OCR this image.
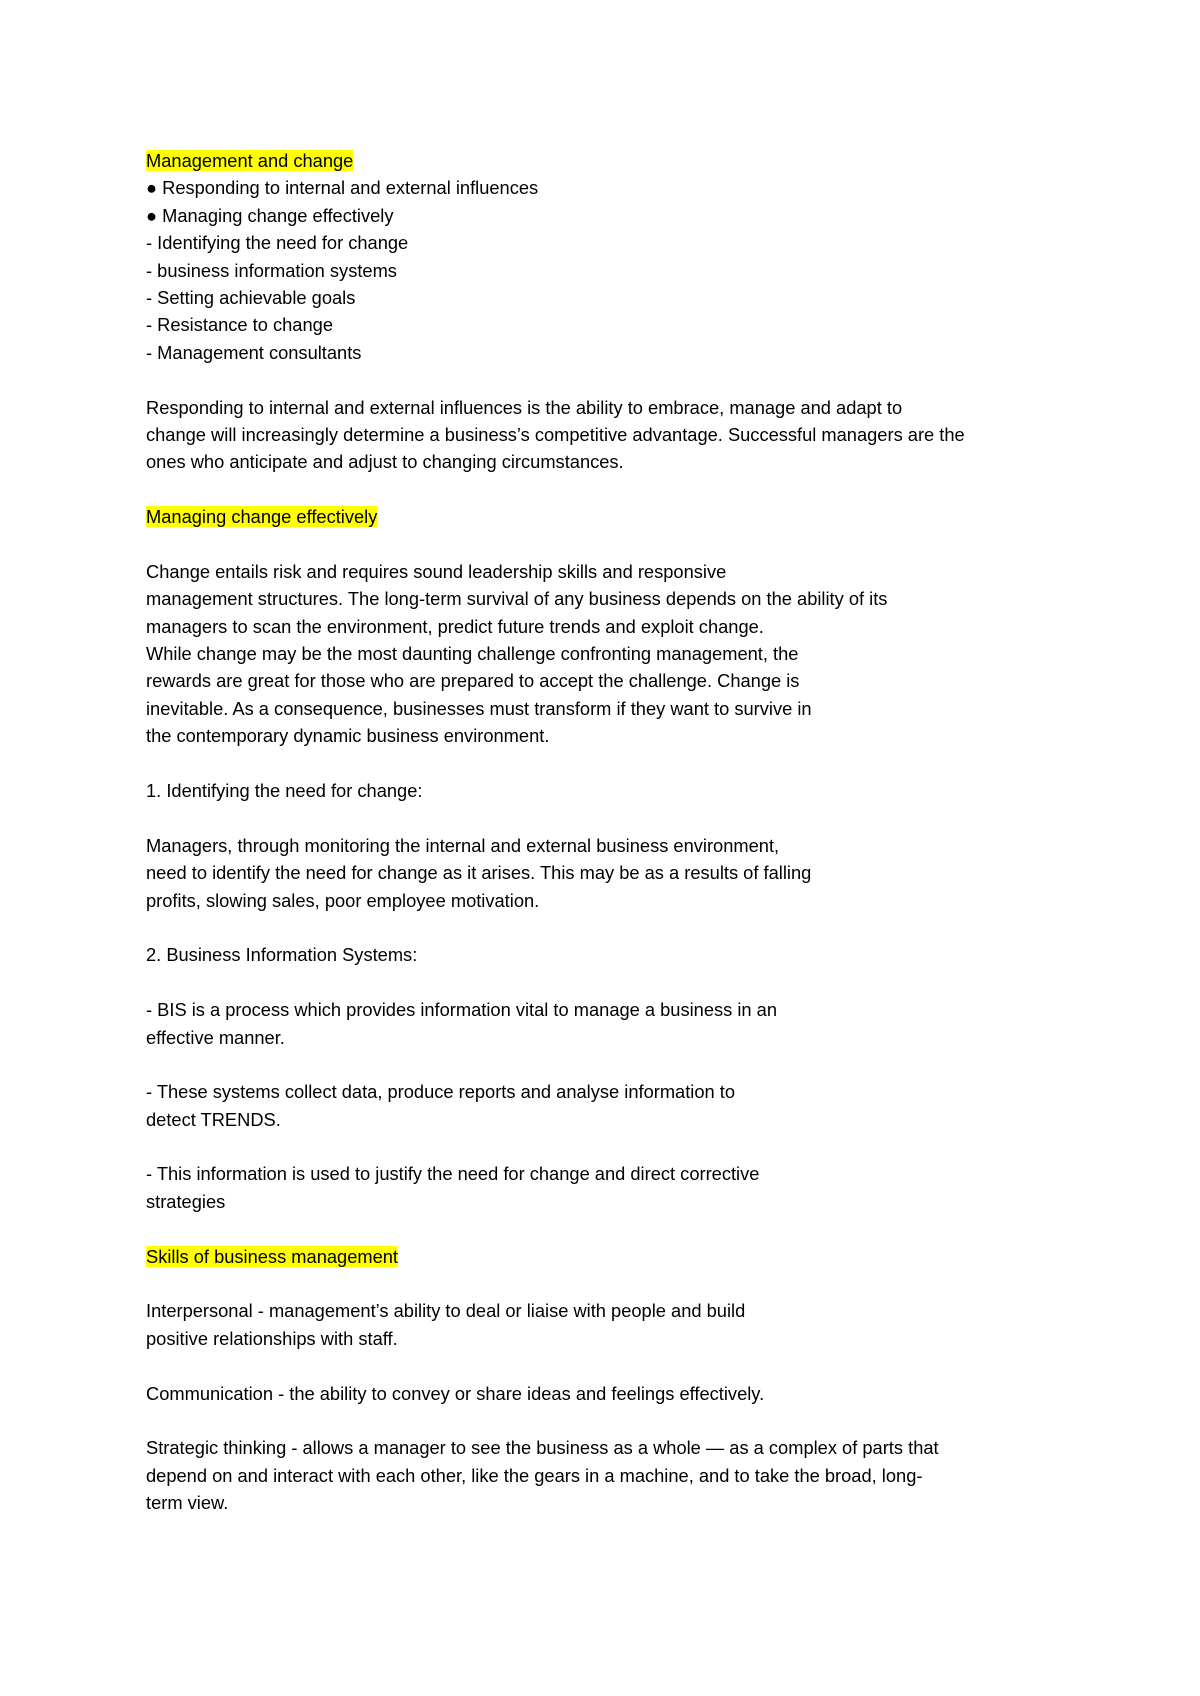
Management and change
● Responding to internal and external influences
● Managing change effectively
- Identifying the need for change
- business information systems
- Setting achievable goals
- Resistance to change
- Management consultants
Responding to internal and external influences is the ability to embrace, manage and adapt to
change will increasingly determine a business’s competitive advantage. Successful managers are the
ones who anticipate and adjust to changing circumstances.
Managing change effectively
Change entails risk and requires sound leadership skills and responsive
management structures. The long-term survival of any business depends on the ability of its
managers to scan the environment, predict future trends and exploit change.
While change may be the most daunting challenge confronting management, the
rewards are great for those who are prepared to accept the challenge. Change is
inevitable. As a consequence, businesses must transform if they want to survive in
the contemporary dynamic business environment.
1. Identifying the need for change:
Managers, through monitoring the internal and external business environment,
need to identify the need for change as it arises. This may be as a results of falling
profits, slowing sales, poor employee motivation.
2. Business Information Systems:
- BIS is a process which provides information vital to manage a business in an
effective manner.
- These systems collect data, produce reports and analyse information to
detect TRENDS.
- This information is used to justify the need for change and direct corrective
strategies
Skills of business management
Interpersonal - management’s ability to deal or liaise with people and build
positive relationships with staff.
Communication - the ability to convey or share ideas and feelings effectively.
Strategic thinking - allows a manager to see the business as a whole — as a complex of parts that
depend on and interact with each other, like the gears in a machine, and to take the broad, long-
term view.
